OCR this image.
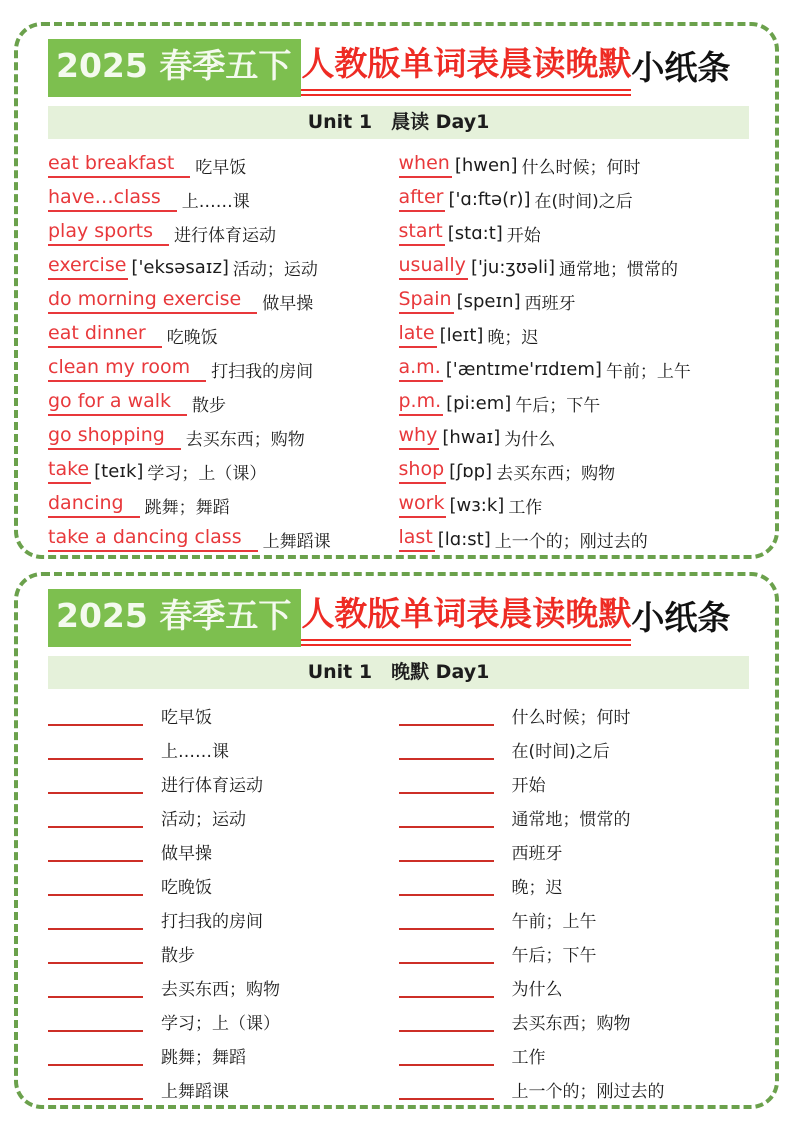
2025 春季五下 人教版单词表晨读晚默小纸条
Unit 1　晨读 Day1
eat breakfast	吃早饭
have…class	上……课
play sports	进行体育运动
exercise ['eksəsaɪz] 活动；运动
do morning exercise	做早操
eat dinner	吃晚饭
clean my room	打扫我的房间
go for a walk	散步
go shopping	去买东西；购物
take [teɪk] 学习；上（课）
dancing	跳舞；舞蹈
take a dancing class	上舞蹈课
when [hwen] 什么时候；何时
after ['ɑ:ftə(r)] 在(时间)之后
start [stɑ:t] 开始
usually ['ju:ʒʊəli] 通常地；惯常的
Spain [speɪn] 西班牙
late [leɪt] 晚；迟
a.m. ['æntɪme'rɪdɪem] 午前；上午
p.m. [pi:em] 午后；下午
why [hwaɪ] 为什么
shop [ʃɒp] 去买东西；购物
work [wɜ:k] 工作
last [lɑ:st] 上一个的；刚过去的
2025 春季五下 人教版单词表晨读晚默小纸条
Unit 1　晚默 Day1
吃早饭
上……课
进行体育运动
活动；运动
做早操
吃晚饭
打扫我的房间
散步
去买东西；购物
学习；上（课）
跳舞；舞蹈
上舞蹈课
什么时候；何时
在(时间)之后
开始
通常地；惯常的
西班牙
晚；迟
午前；上午
午后；下午
为什么
去买东西；购物
工作
上一个的；刚过去的
